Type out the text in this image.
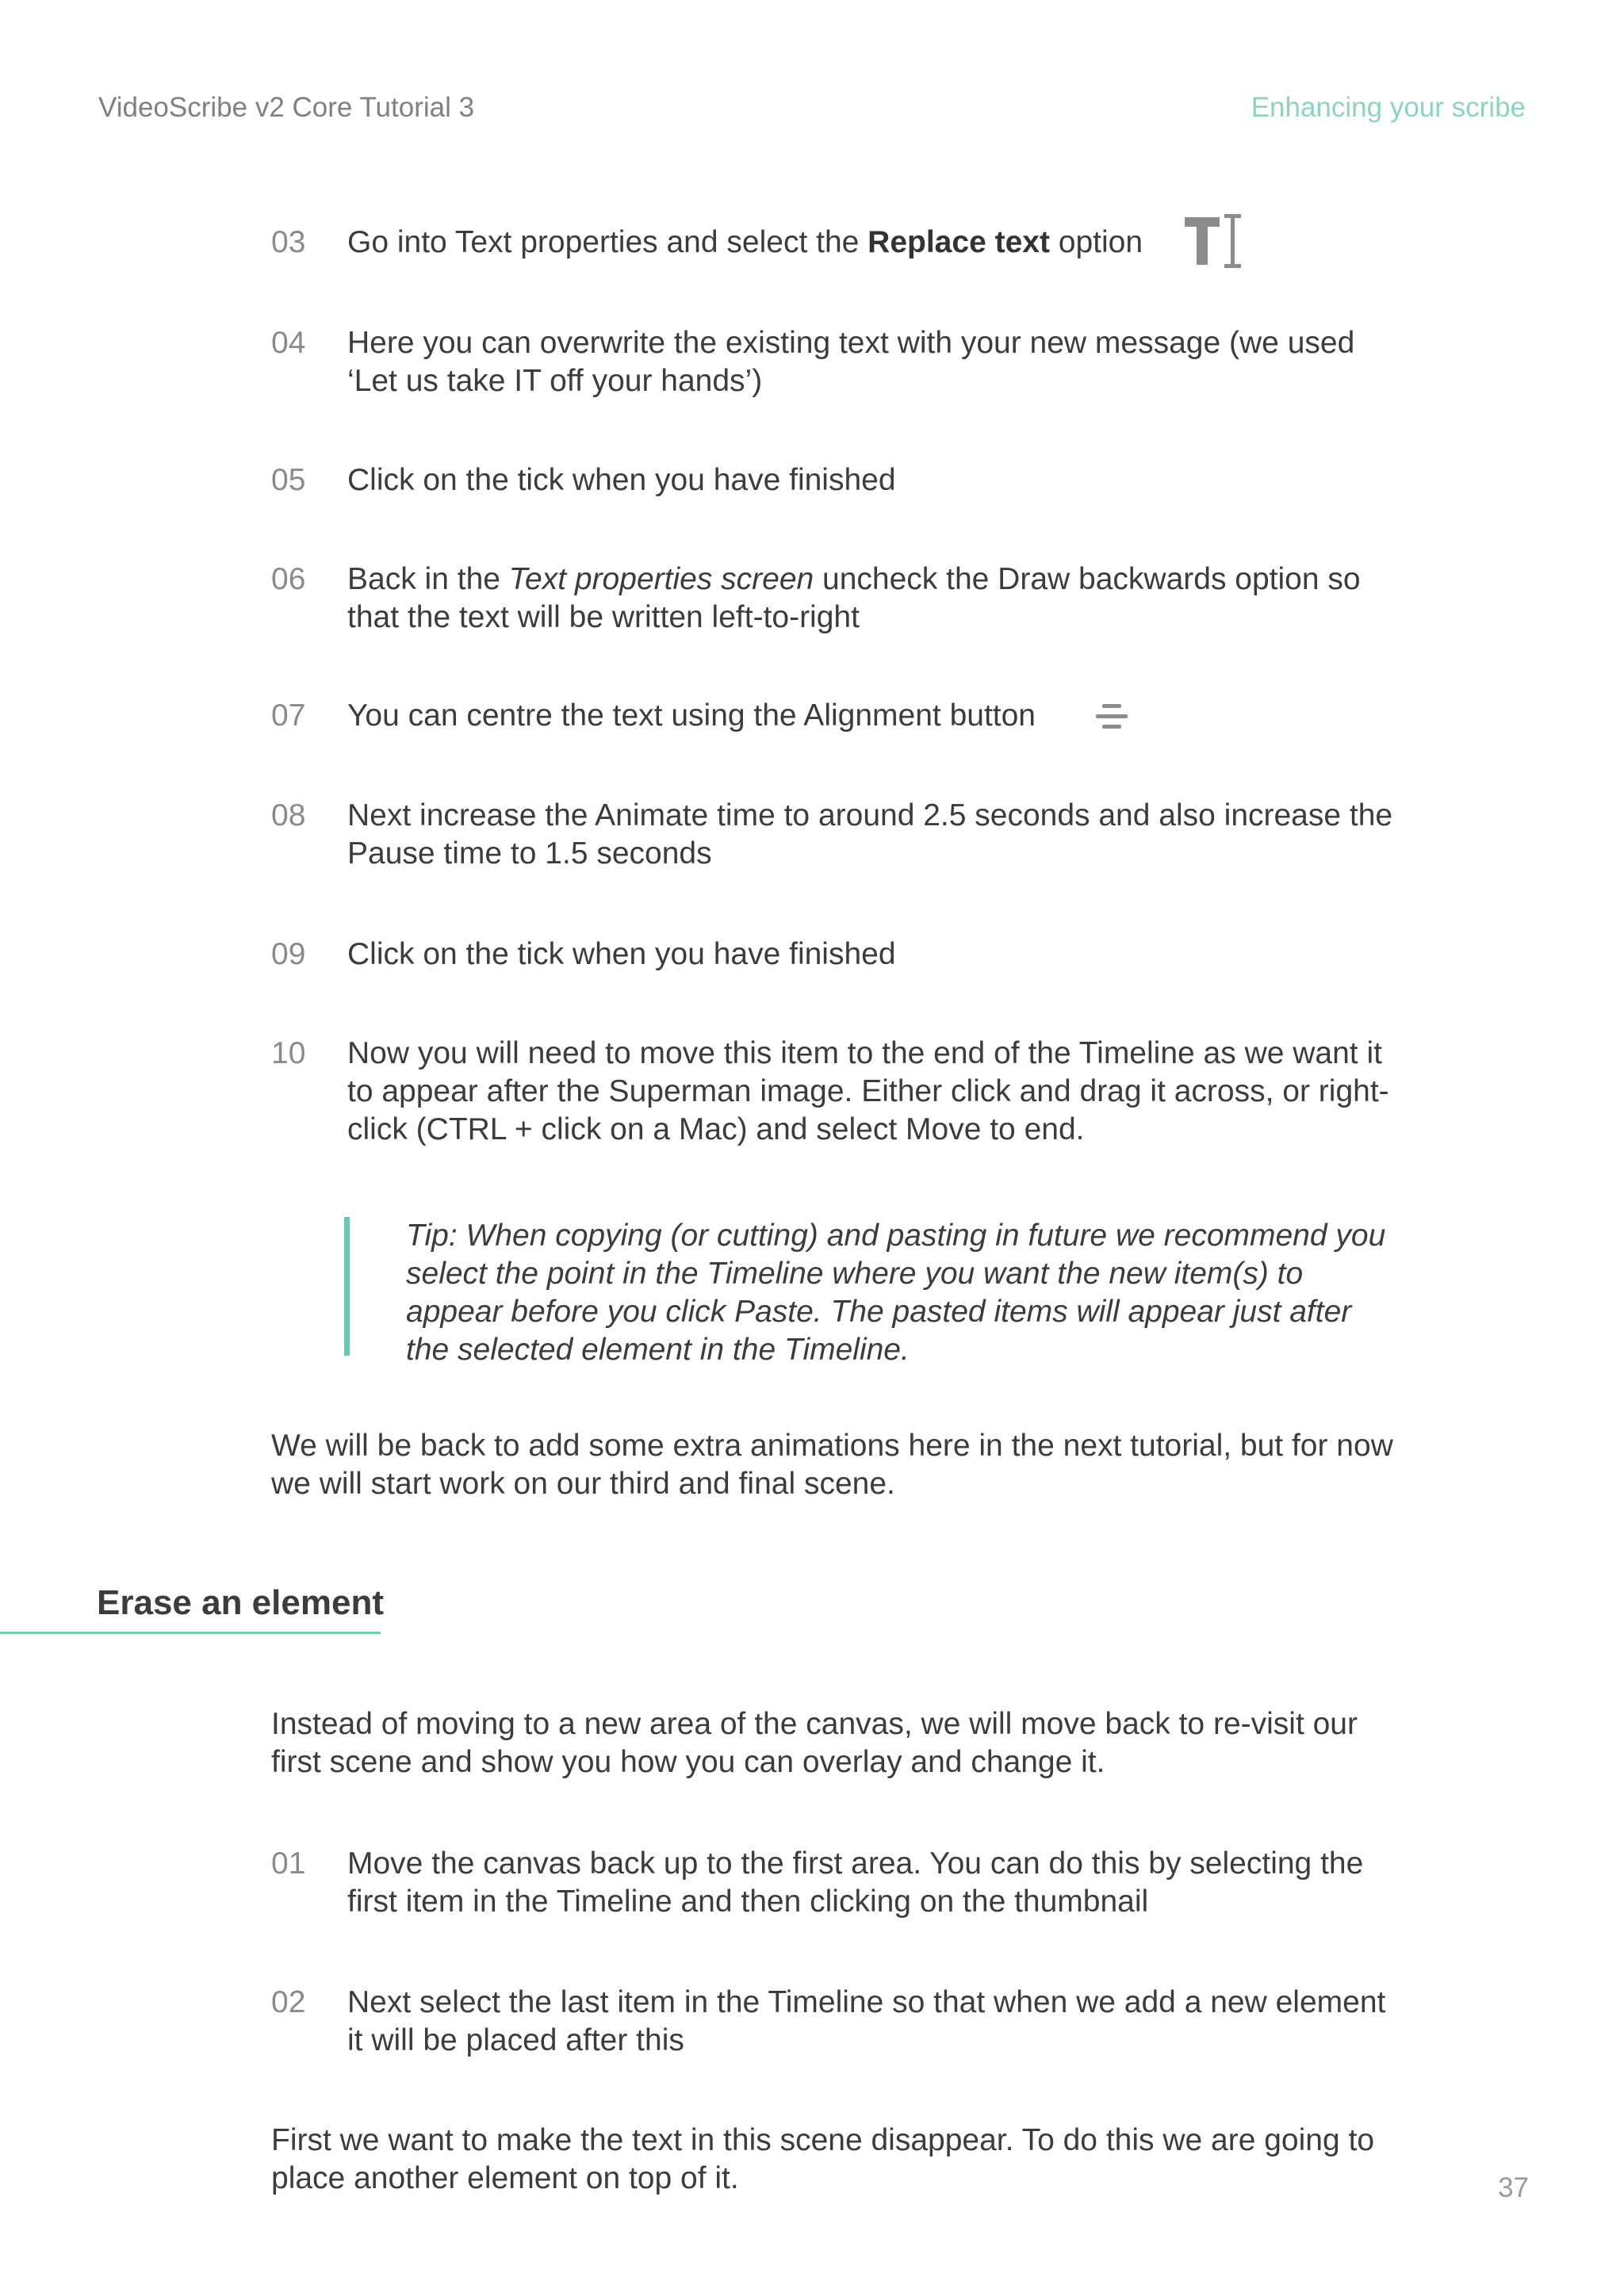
VideoScribe v2 Core Tutorial 3	Enhancing your scribe
03 Go into Text properties and select the Replace text option
04 Here you can overwrite the existing text with your new message (we used ‘Let us take IT off your hands’)
05 Click on the tick when you have finished
06 Back in the Text properties screen uncheck the Draw backwards option so that the text will be written left-to-right
07 You can centre the text using the Alignment button
08 Next increase the Animate time to around 2.5 seconds and also increase the Pause time to 1.5 seconds
09 Click on the tick when you have finished
10 Now you will need to move this item to the end of the Timeline as we want it to appear after the Superman image. Either click and drag it across, or right-click (CTRL + click on a Mac) and select Move to end.
Tip: When copying (or cutting) and pasting in future we recommend you select the point in the Timeline where you want the new item(s) to appear before you click Paste. The pasted items will appear just after the selected element in the Timeline.
We will be back to add some extra animations here in the next tutorial, but for now we will start work on our third and final scene.
Erase an element
Instead of moving to a new area of the canvas, we will move back to re-visit our first scene and show you how you can overlay and change it.
01 Move the canvas back up to the first area. You can do this by selecting the first item in the Timeline and then clicking on the thumbnail
02 Next select the last item in the Timeline so that when we add a new element it will be placed after this
First we want to make the text in this scene disappear. To do this we are going to place another element on top of it.	37
